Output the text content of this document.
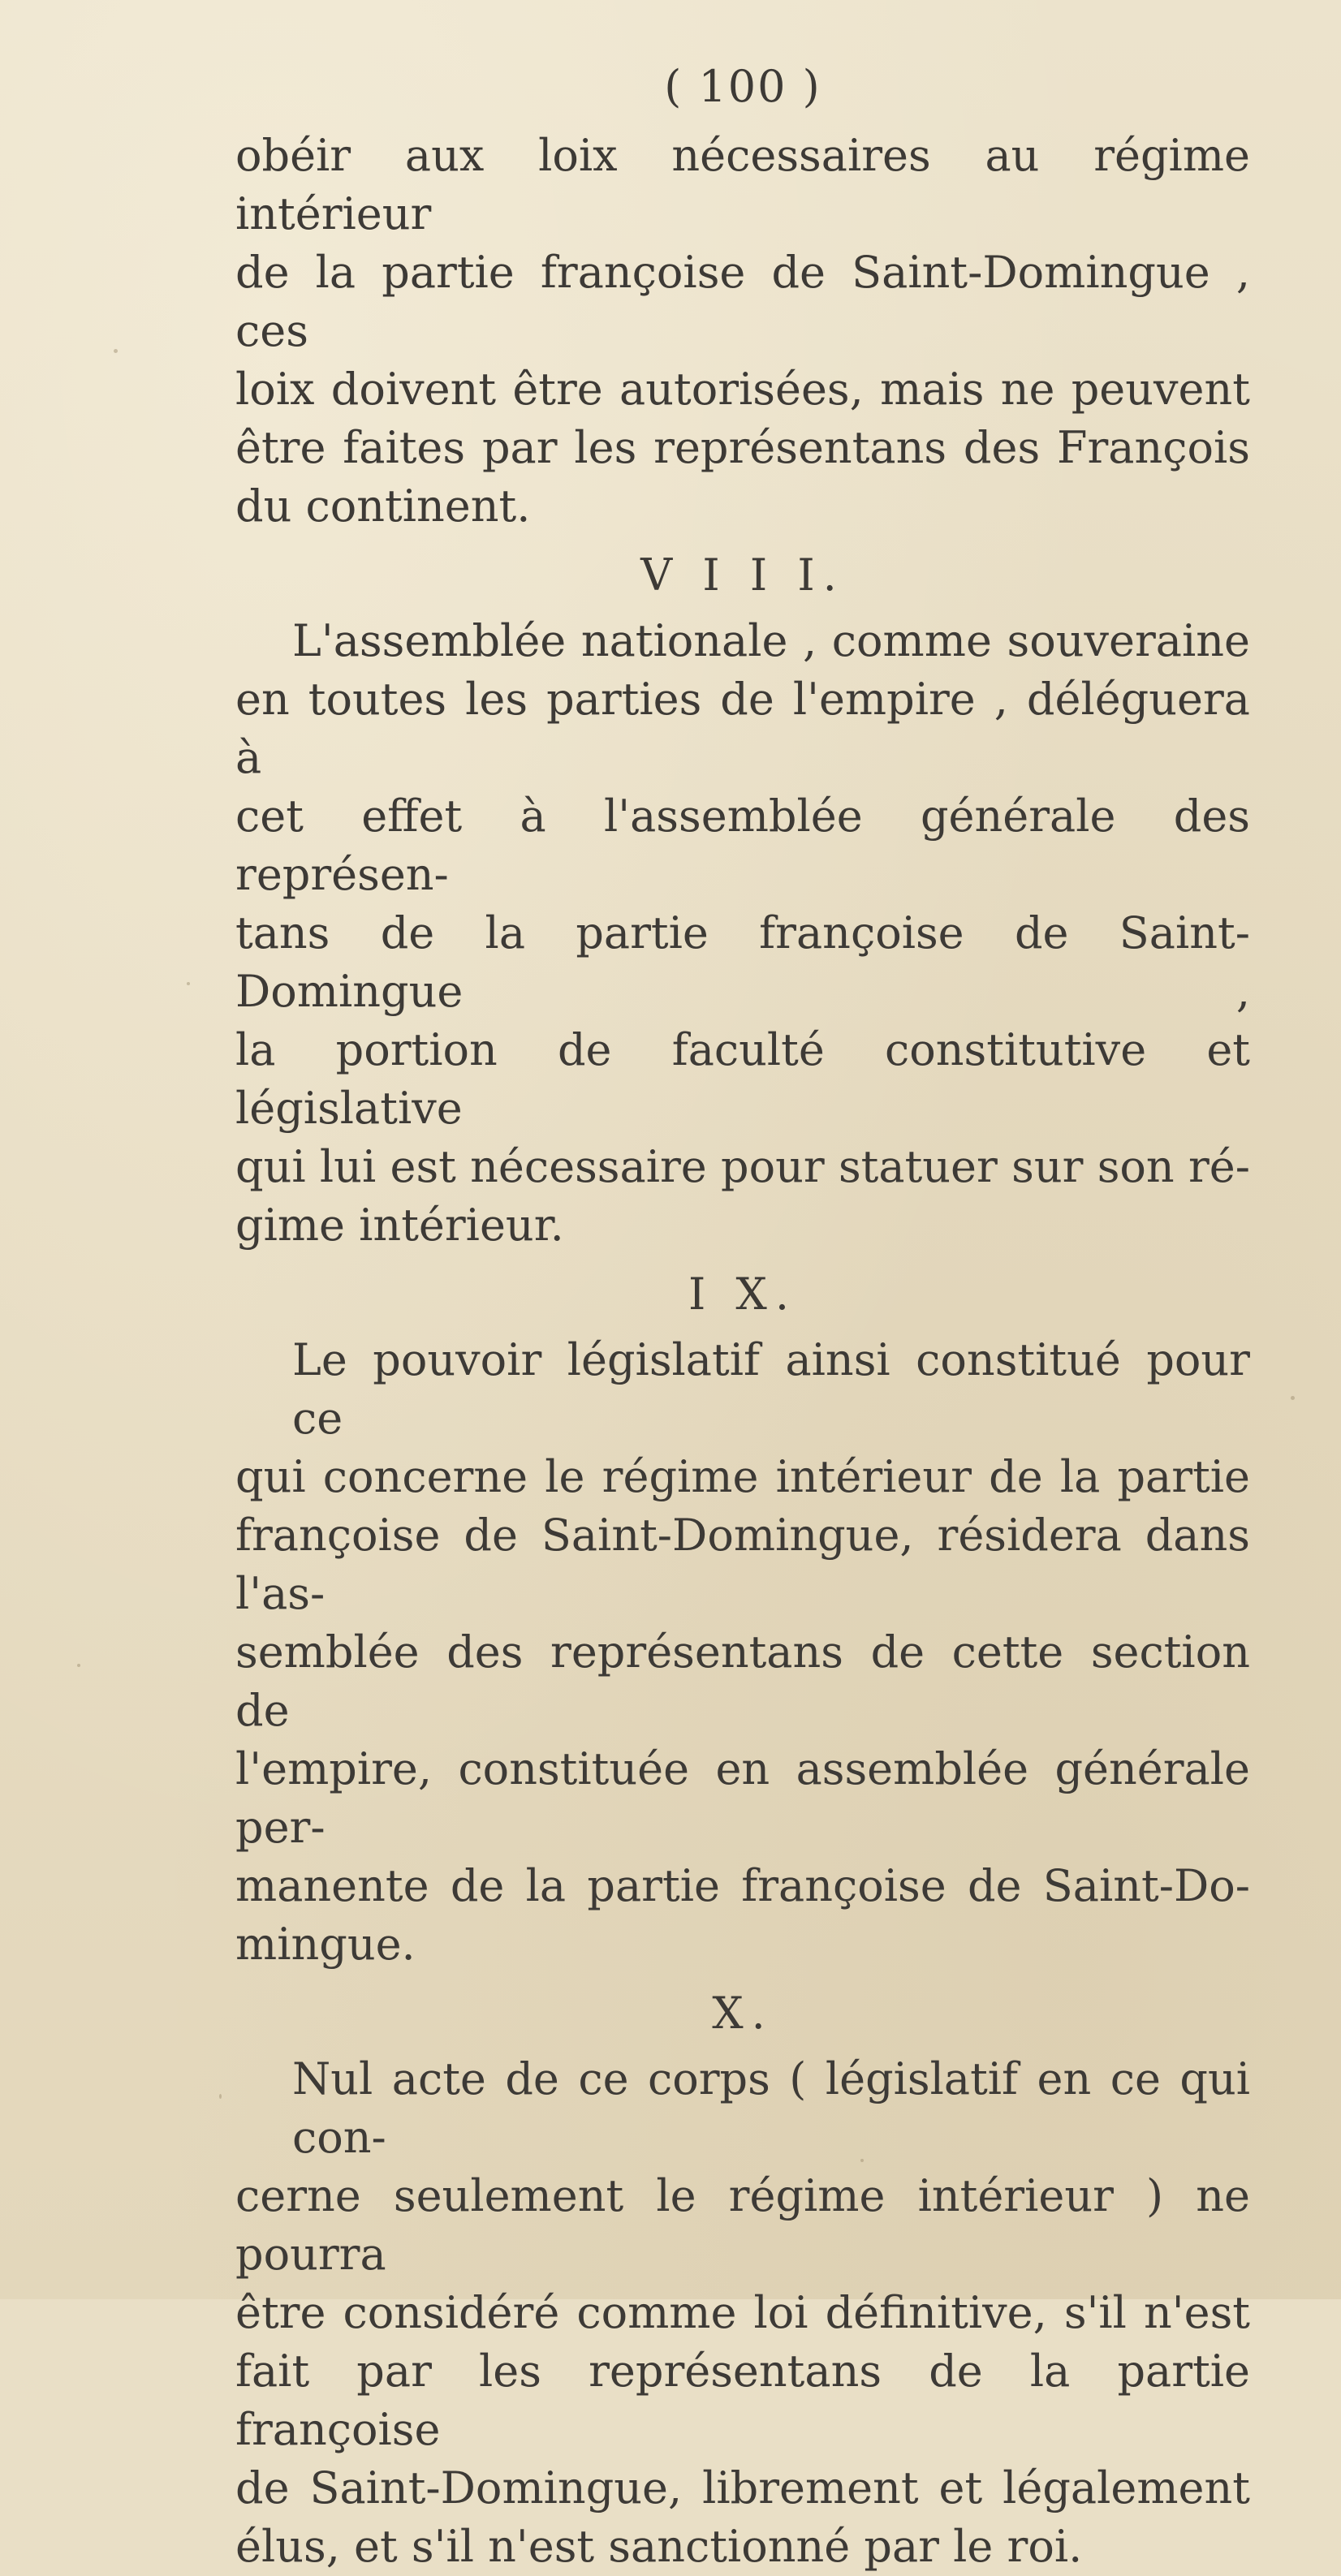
( 100 )

obéir aux loix nécessaires au régime intérieur
de la partie françoise de Saint-Domingue , ces
loix doivent être autorisées, mais ne peuvent
être faites par les représentans des François
du continent.

V I I I.

L'assemblée nationale , comme souveraine
en toutes les parties de l'empire , déléguera à
cet effet à l'assemblée générale des représen-
tans de la partie françoise de Saint-Domingue ,
la portion de faculté constitutive et législative
qui lui est nécessaire pour statuer sur son ré-
gime intérieur.

I X.

Le pouvoir législatif ainsi constitué pour ce
qui concerne le régime intérieur de la partie
françoise de Saint-Domingue, résidera dans l'as-
semblée des représentans de cette section de
l'empire, constituée en assemblée générale per-
manente de la partie françoise de Saint-Do-
mingue.

X.

Nul acte de ce corps ( législatif en ce qui con-
cerne seulement le régime intérieur ) ne pourra
être considéré comme loi définitive, s'il n'est
fait par les représentans de la partie françoise
de Saint-Domingue, librement et légalement
élus, et s'il n'est sanctionné par le roi.
